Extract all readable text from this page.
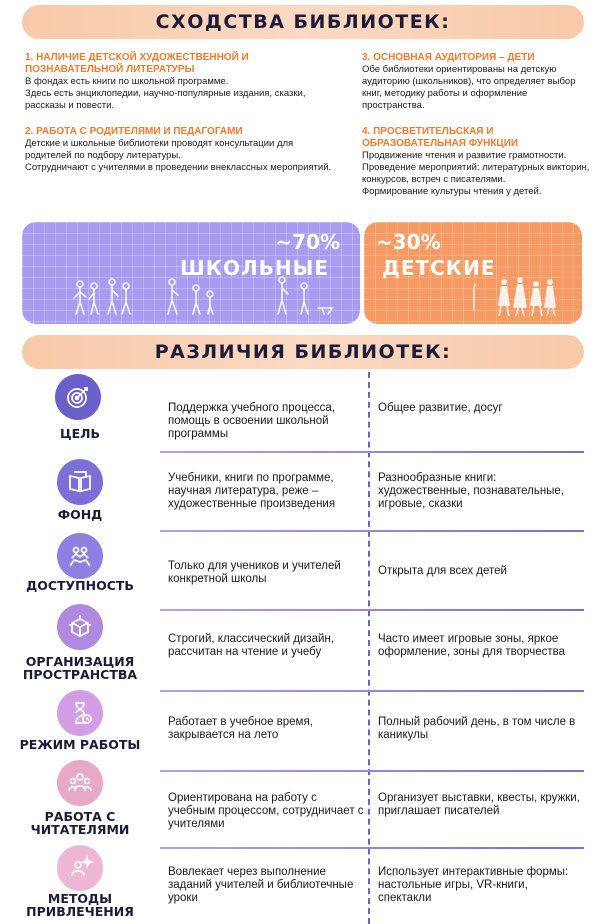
СХОДСТВА БИБЛИОТЕК:
1. НАЛИЧИЕ ДЕТСКОЙ ХУДОЖЕСТВЕННОЙ И ПОЗНАВАТЕЛЬНОЙ ЛИТЕРАТУРЫ
В фондах есть книги по школьной программе.
Здесь есть энциклопедии, научно-популярные издания, сказки, рассказы и повести.
2. РАБОТА С РОДИТЕЛЯМИ И ПЕДАГОГАМИ
Детские и школьные библиотеки проводят консультации для родителей по подбору литературы.
Сотрудничают с учителями в проведении внеклассных мероприятий.
3. ОСНОВНАЯ АУДИТОРИЯ – ДЕТИ
Обе библиотеки ориентированы на детскую аудиторию (школьников), что определяет выбор книг, методику работы и оформление пространства.
4. ПРОСВЕТИТЕЛЬСКАЯ И ОБРАЗОВАТЕЛЬНАЯ ФУНКЦИИ
Продвижение чтения и развитие грамотности.
Проведение мероприятий: литературных викторин, конкурсов, встреч с писателями.
Формирование культуры чтения у детей.
~70%
ШКОЛЬНЫЕ
~30%
ДЕТСКИЕ
РАЗЛИЧИЯ БИБЛИОТЕК:
ЦЕЛЬ
Поддержка учебного процесса, помощь в освоении школьной программы
Общее развитие, досуг
ФОНД
Учебники, книги по программе, научная литература, реже – художественные произведения
Разнообразные книги: художественные, познавательные, игровые, сказки
ДОСТУПНОСТЬ
Только для учеников и учителей конкретной школы
Открыта для всех детей
ОРГАНИЗАЦИЯ ПРОСТРАНСТВА
Строгий, классический дизайн, рассчитан на чтение и учебу
Часто имеет игровые зоны, яркое оформление, зоны для творчества
РЕЖИМ РАБОТЫ
Работает в учебное время, закрывается на лето
Полный рабочий день, в том числе в каникулы
РАБОТА С ЧИТАТЕЛЯМИ
Ориентирована на работу с учебным процессом, сотрудничает с учителями
Организует выставки, квесты, кружки, приглашает писателей
МЕТОДЫ ПРИВЛЕЧЕНИЯ
Вовлекает через выполнение заданий учителей и библиотечные уроки
Использует интерактивные формы: настольные игры, VR-книги, спектакли
